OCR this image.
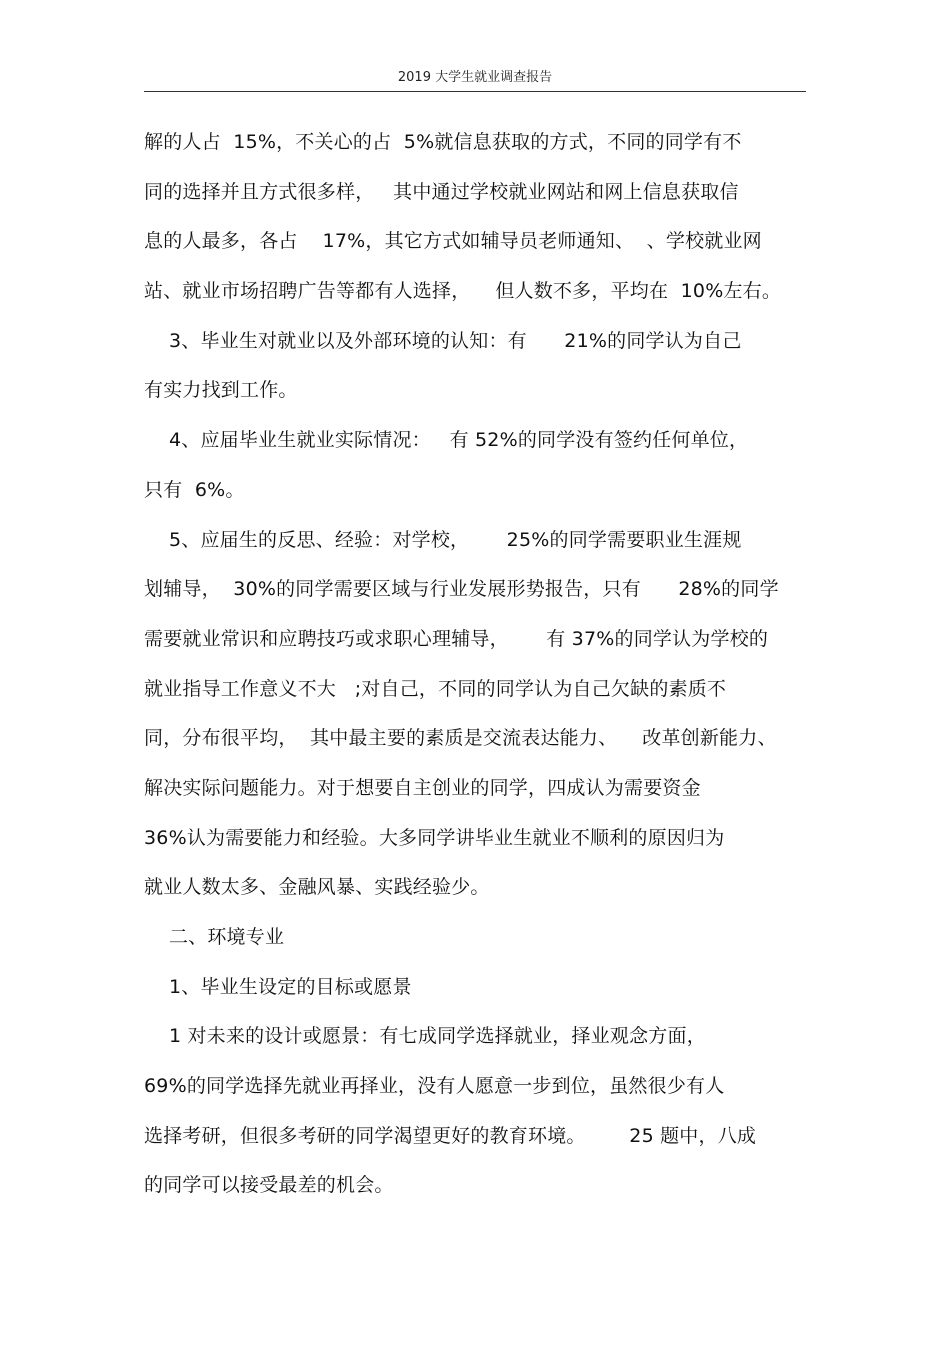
2019 大学生就业调查报告
解的人占  15%，不关心的占  5%就信息获取的方式，不同的同学有不
同的选择并且方式很多样，   其中通过学校就业网站和网上信息获取信
息的人最多，各占    17%，其它方式如辅导员老师通知、  、学校就业网
站、就业市场招聘广告等都有人选择，    但人数不多，平均在  10%左右。
3、毕业生对就业以及外部环境的认知：有      21%的同学认为自己
有实力找到工作。
4、应届毕业生就业实际情况：   有 52%的同学没有签约任何单位，
只有  6%。
5、应届生的反思、经验：对学校，      25%的同学需要职业生涯规
划辅导，  30%的同学需要区域与行业发展形势报告，只有      28%的同学
需要就业常识和应聘技巧或求职心理辅导，      有 37%的同学认为学校的
就业指导工作意义不大   ;对自己，不同的同学认为自己欠缺的素质不
同，分布很平均，  其中最主要的素质是交流表达能力、    改革创新能力、
解决实际问题能力。对于想要自主创业的同学，四成认为需要资金
36%认为需要能力和经验。大多同学讲毕业生就业不顺利的原因归为
就业人数太多、金融风暴、实践经验少。
二、环境专业
1、毕业生设定的目标或愿景
1 对未来的设计或愿景：有七成同学选择就业，择业观念方面，
69%的同学选择先就业再择业，没有人愿意一步到位，虽然很少有人
选择考研，但很多考研的同学渴望更好的教育环境。       25 题中，八成
的同学可以接受最差的机会。
